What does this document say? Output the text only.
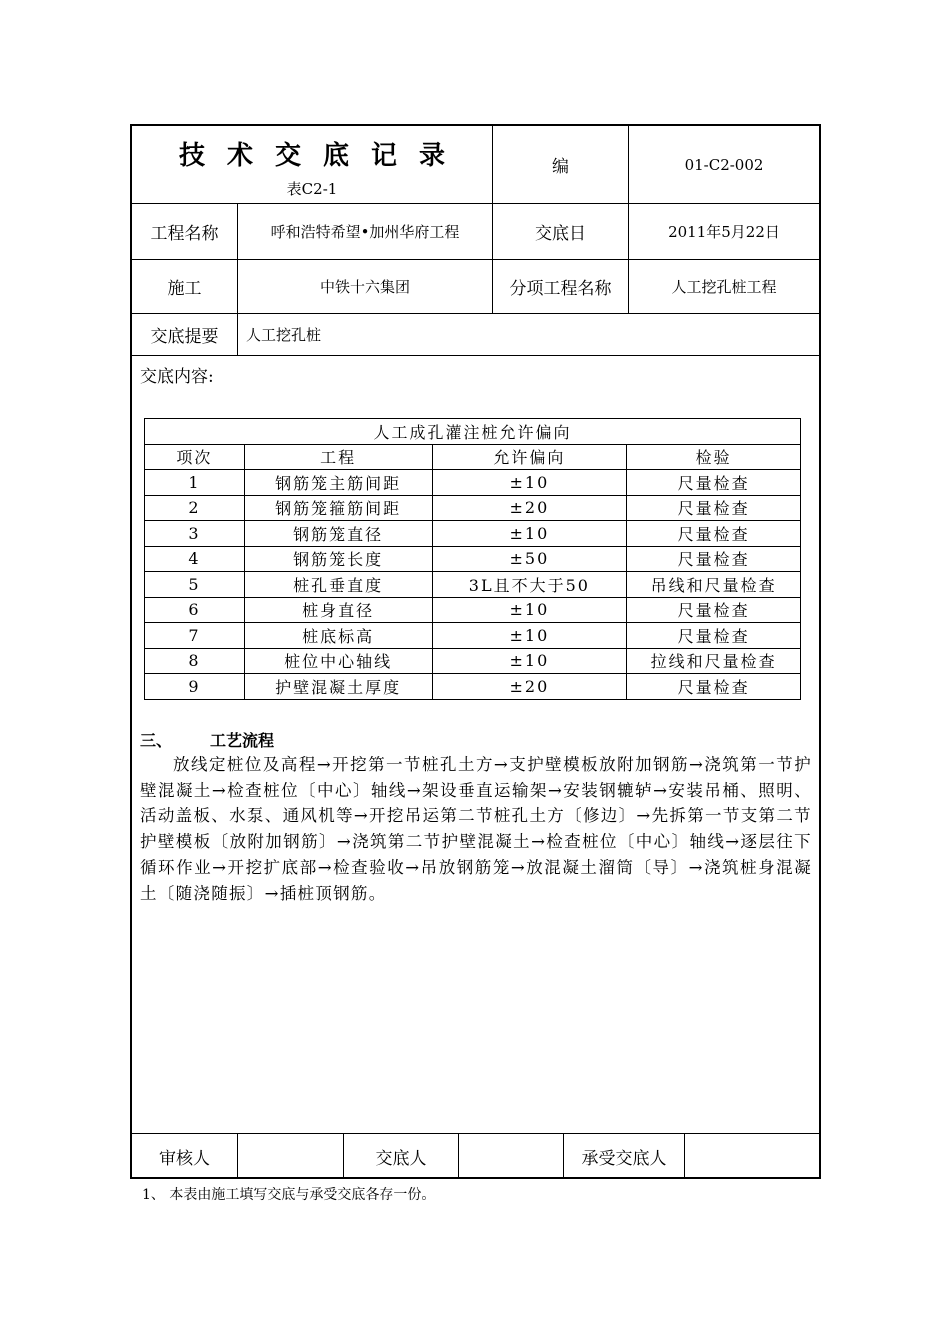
技术交底记录
表C2-1
编	01-C2-002
工程名称	呼和浩特希望•加州华府工程	交底日	2011年5月22日
施工	中铁十六集团	分项工程名称	人工挖孔桩工程
交底提要	人工挖孔桩
交底内容:
人工成孔灌注桩允许偏向			
项次	工程	允许偏向	检验
1	钢筋笼主筋间距	±10	尺量检查
2	钢筋笼箍筋间距	±20	尺量检查
3	钢筋笼直径	±10	尺量检查
4	钢筋笼长度	±50	尺量检查
5	桩孔垂直度	3L且不大于50	吊线和尺量检查
6	桩身直径	±10	尺量检查
7	桩底标高	±10	尺量检查
8	桩位中心轴线	±10	拉线和尺量检查
9	护壁混凝土厚度	±20	尺量检查
三、 工艺流程
放线定桩位及高程→开挖第一节桩孔土方→支护壁模板放附加钢筋→浇筑第一节护壁混凝土→检查桩位〔中心〕轴线→架设垂直运输架→安装钢辘轳→安装吊桶、照明、活动盖板、水泵、通风机等→开挖吊运第二节桩孔土方〔修边〕→先拆第一节支第二节护壁模板〔放附加钢筋〕→浇筑第二节护壁混凝土→检查桩位〔中心〕轴线→逐层往下循环作业→开挖扩底部→检查验收→吊放钢筋笼→放混凝土溜筒〔导〕→浇筑桩身混凝土〔随浇随振〕→插桩顶钢筋。
审核人	交底人	承受交底人
1、 本表由施工填写交底与承受交底各存一份。
